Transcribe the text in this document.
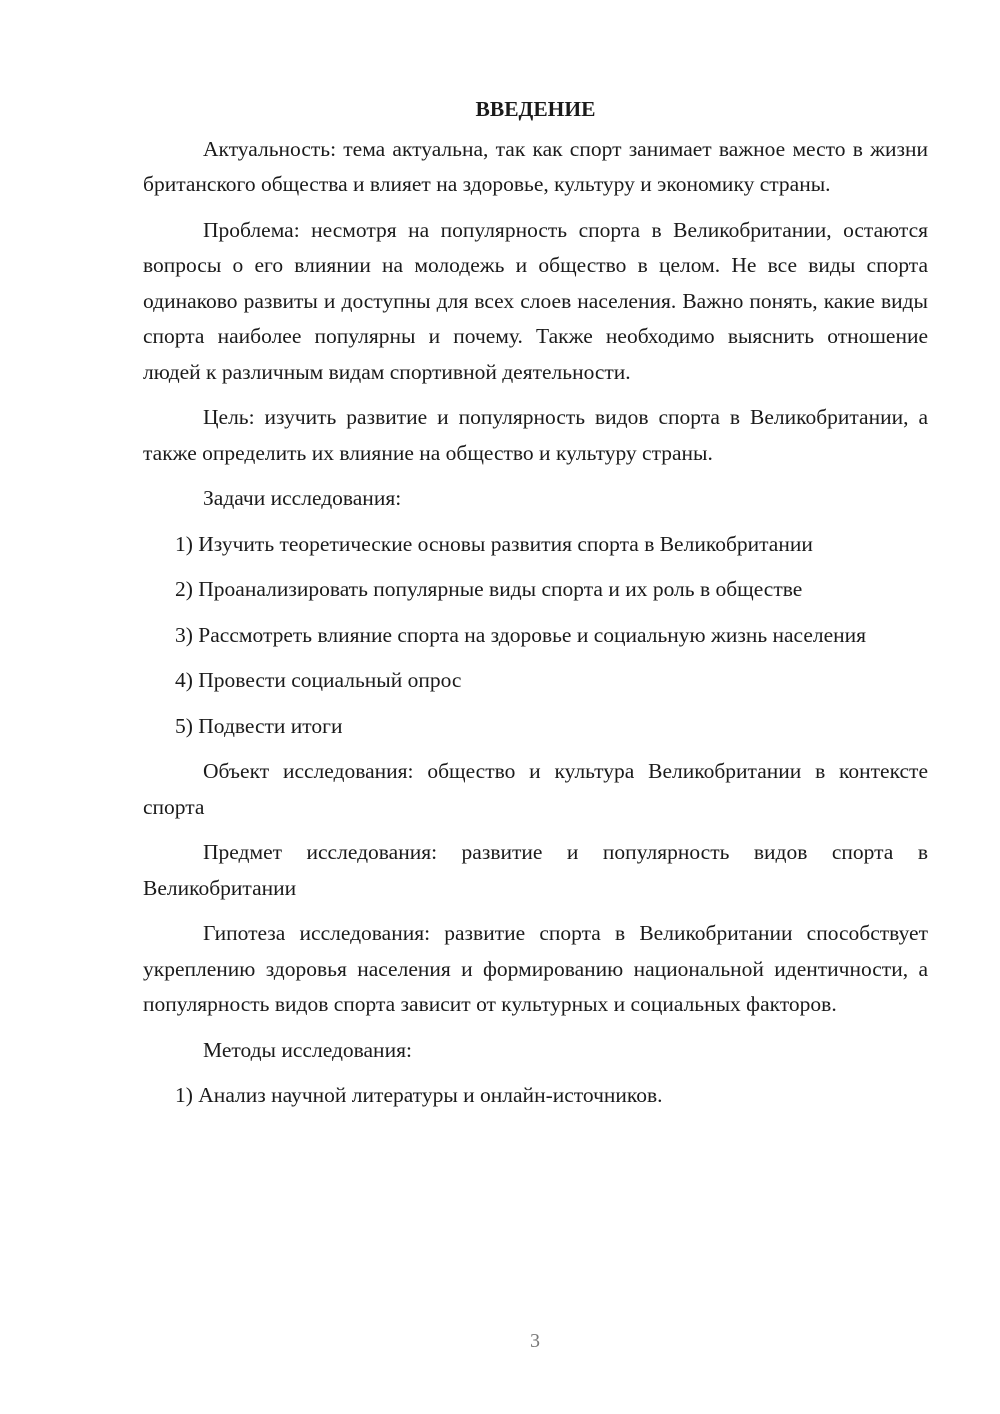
ВВЕДЕНИЕ

Актуальность: тема актуальна, так как спорт занимает важное место в жизни британского общества и влияет на здоровье, культуру и экономику страны.

Проблема: несмотря на популярность спорта в Великобритании, остаются вопросы о его влиянии на молодежь и общество в целом. Не все виды спорта одинаково развиты и доступны для всех слоев населения. Важно понять, какие виды спорта наиболее популярны и почему. Также необходимо выяснить отношение людей к различным видам спортивной деятельности.

Цель: изучить развитие и популярность видов спорта в Великобритании, а также определить их влияние на общество и культуру страны.

Задачи исследования:

1) Изучить теоретические основы развития спорта в Великобритании

2) Проанализировать популярные виды спорта и их роль в обществе

3) Рассмотреть влияние спорта на здоровье и социальную жизнь населения

4) Провести социальный опрос

5) Подвести итоги

Объект исследования: общество и культура Великобритании в контексте спорта

Предмет исследования: развитие и популярность видов спорта в Великобритании

Гипотеза исследования: развитие спорта в Великобритании способствует укреплению здоровья населения и формированию национальной идентичности, а популярность видов спорта зависит от культурных и социальных факторов.

Методы исследования:

1) Анализ научной литературы и онлайн-источников.

3
